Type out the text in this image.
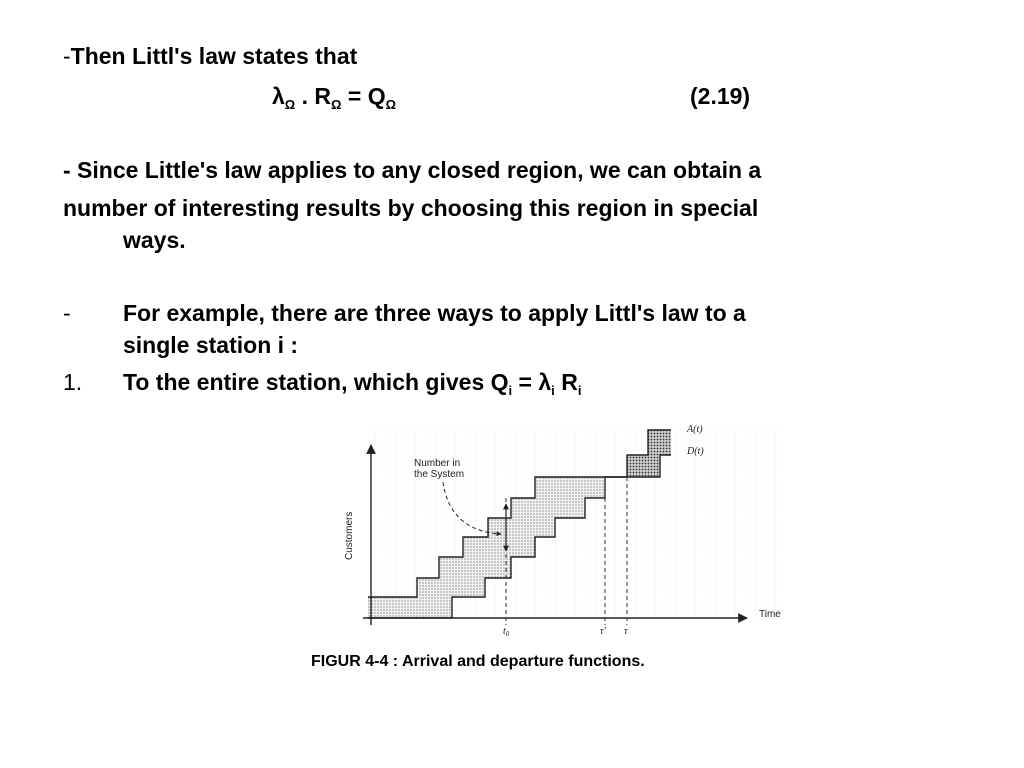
-Then Littl's law states that
$\lambda_\Omega$ . $R_\Omega = Q_\Omega$	(2.19)
- Since Little's law applies to any closed region, we can obtain a
number of interesting results by choosing this region in special
ways.
- For example, there are three ways to apply Littl's law to a
single station i :
1. To the entire station, which gives $Q_i = \lambda_i$ $R_i$
Number in
the System
Customers
Time
A(t)
D(t)
$t_0$	τ′ τ
FIGUR 4-4 : Arrival and departure functions.
